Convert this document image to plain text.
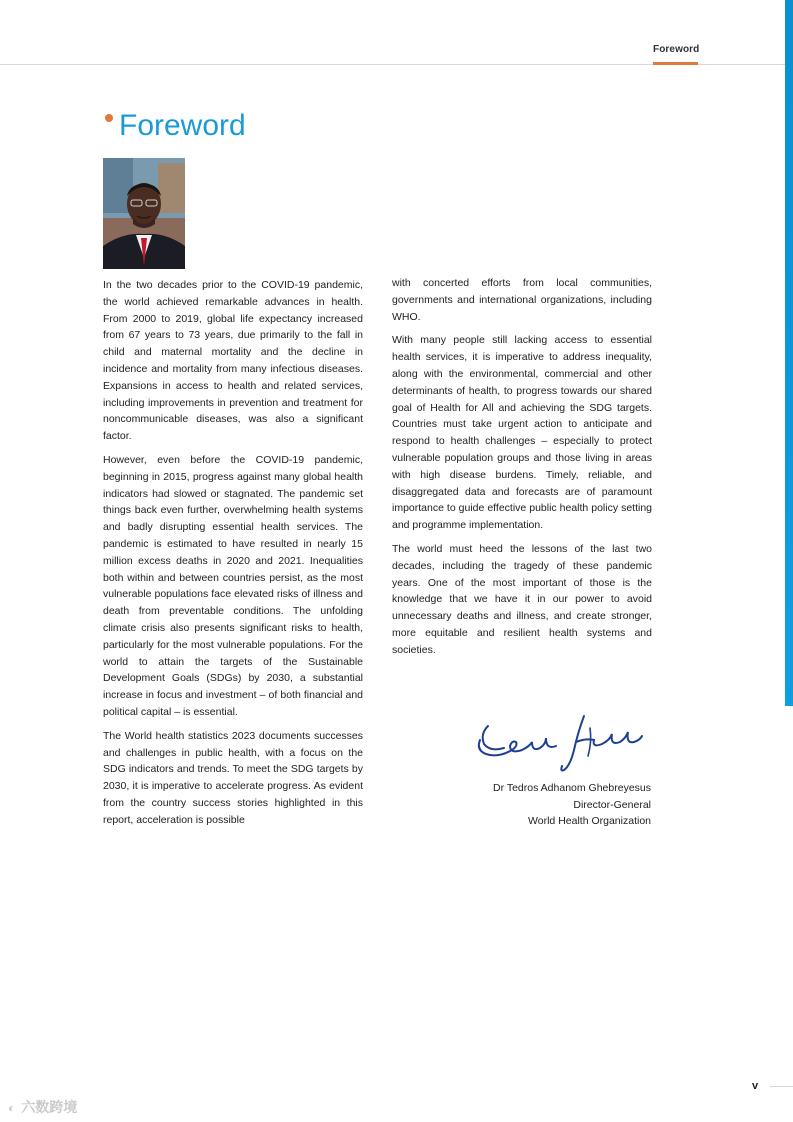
Foreword
Foreword

In the two decades prior to the COVID-19 pandemic, the world achieved remarkable advances in health. From 2000 to 2019, global life expectancy increased from 67 years to 73 years, due primarily to the fall in child and maternal mortality and the decline in incidence and mortality from many infectious diseases. Expansions in access to health and related services, including improvements in prevention and treatment for noncommunicable diseases, was also a significant factor.

However, even before the COVID-19 pandemic, beginning in 2015, progress against many global health indicators had slowed or stagnated. The pandemic set things back even further, overwhelming health systems and badly disrupting essential health services. The pandemic is estimated to have resulted in nearly 15 million excess deaths in 2020 and 2021. Inequalities both within and between countries persist, as the most vulnerable populations face elevated risks of illness and death from preventable conditions. The unfolding climate crisis also presents significant risks to health, particularly for the most vulnerable populations. For the world to attain the targets of the Sustainable Development Goals (SDGs) by 2030, a substantial increase in focus and investment – of both financial and political capital – is essential.

The World health statistics 2023 documents successes and challenges in public health, with a focus on the SDG indicators and trends. To meet the SDG targets by 2030, it is imperative to accelerate progress. As evident from the country success stories highlighted in this report, acceleration is possible

with concerted efforts from local communities, governments and international organizations, including WHO.

With many people still lacking access to essential health services, it is imperative to address inequality, along with the environmental, commercial and other determinants of health, to progress towards our shared goal of Health for All and achieving the SDG targets. Countries must take urgent action to anticipate and respond to health challenges – especially to protect vulnerable population groups and those living in areas with high disease burdens. Timely, reliable, and disaggregated data and forecasts are of paramount importance to guide effective public health policy setting and programme implementation.

The world must heed the lessons of the last two decades, including the tragedy of these pandemic years. One of the most important of those is the knowledge that we have it in our power to avoid unnecessary deaths and illness, and create stronger, more equitable and resilient health systems and societies.

Dr Tedros Adhanom Ghebreyesus
Director-General
World Health Organization
v
◐ 六数跨境
